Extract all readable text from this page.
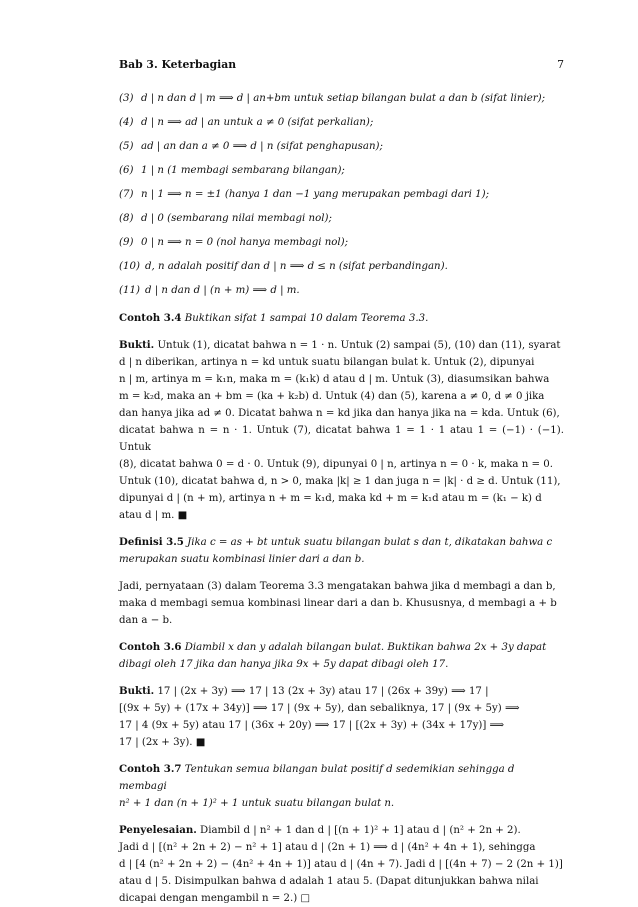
Bab 3. Keterbagian	7
(3) d | n dan d | m ⟹ d | an+bm untuk setiap bilangan bulat a dan b (sifat linier);
(4) d | n ⟹ ad | an untuk a ≠ 0 (sifat perkalian);
(5) ad | an dan a ≠ 0 ⟹ d | n (sifat penghapusan);
(6) 1 | n (1 membagi sembarang bilangan);
(7) n | 1 ⟹ n = ±1 (hanya 1 dan −1 yang merupakan pembagi dari 1);
(8) d | 0 (sembarang nilai membagi nol);
(9) 0 | n ⟹ n = 0 (nol hanya membagi nol);
(10) d, n adalah positif dan d | n ⟹ d ≤ n (sifat perbandingan).
(11) d | n dan d | (n + m) ⟹ d | m.

Contoh 3.4 Buktikan sifat 1 sampai 10 dalam Teorema 3.3.

Bukti. Untuk (1), dicatat bahwa n = 1 · n. Untuk (2) sampai (5), (10) dan (11), syarat
d | n diberikan, artinya n = kd untuk suatu bilangan bulat k. Untuk (2), dipunyai
n | m, artinya m = k₁n, maka m = (k₁k) d atau d | m. Untuk (3), diasumsikan bahwa
m = k₂d, maka an + bm = (ka + k₂b) d. Untuk (4) dan (5), karena a ≠ 0, d ≠ 0 jika
dan hanya jika ad ≠ 0. Dicatat bahwa n = kd jika dan hanya jika na = kda. Untuk (6),
dicatat bahwa n = n · 1. Untuk (7), dicatat bahwa 1 = 1 · 1 atau 1 = (−1) · (−1). Untuk
(8), dicatat bahwa 0 = d · 0. Untuk (9), dipunyai 0 | n, artinya n = 0 · k, maka n = 0.
Untuk (10), dicatat bahwa d, n > 0, maka |k| ≥ 1 dan juga n = |k| · d ≥ d. Untuk (11),
dipunyai d | (n + m), artinya n + m = k₁d, maka kd + m = k₁d atau m = (k₁ − k) d
atau d | m. ■
Definisi 3.5 Jika c = as + bt untuk suatu bilangan bulat s dan t, dikatakan bahwa c
merupakan suatu kombinasi linier dari a dan b.
Jadi, pernyataan (3) dalam Teorema 3.3 mengatakan bahwa jika d membagi a dan b,
maka d membagi semua kombinasi linear dari a dan b. Khususnya, d membagi a + b
dan a − b.
Contoh 3.6 Diambil x dan y adalah bilangan bulat. Buktikan bahwa 2x + 3y dapat
dibagi oleh 17 jika dan hanya jika 9x + 5y dapat dibagi oleh 17.
Bukti. 17 | (2x + 3y) ⟹ 17 | 13 (2x + 3y) atau 17 | (26x + 39y) ⟹ 17 |
[(9x + 5y) + (17x + 34y)] ⟹ 17 | (9x + 5y), dan sebaliknya, 17 | (9x + 5y) ⟹
17 | 4 (9x + 5y) atau 17 | (36x + 20y) ⟹ 17 | [(2x + 3y) + (34x + 17y)] ⟹
17 | (2x + 3y). ■
Contoh 3.7 Tentukan semua bilangan bulat positif d sedemikian sehingga d membagi
n² + 1 dan (n + 1)² + 1 untuk suatu bilangan bulat n.
Penyelesaian. Diambil d | n² + 1 dan d | [(n + 1)² + 1] atau d | (n² + 2n + 2).
Jadi d | [(n² + 2n + 2) − n² + 1] atau d | (2n + 1) ⟹ d | (4n² + 4n + 1), sehingga
d | [4 (n² + 2n + 2) − (4n² + 4n + 1)] atau d | (4n + 7). Jadi d | [(4n + 7) − 2 (2n + 1)]
atau d | 5. Disimpulkan bahwa d adalah 1 atau 5. (Dapat ditunjukkan bahwa nilai
dicapai dengan mengambil n = 2.) □
